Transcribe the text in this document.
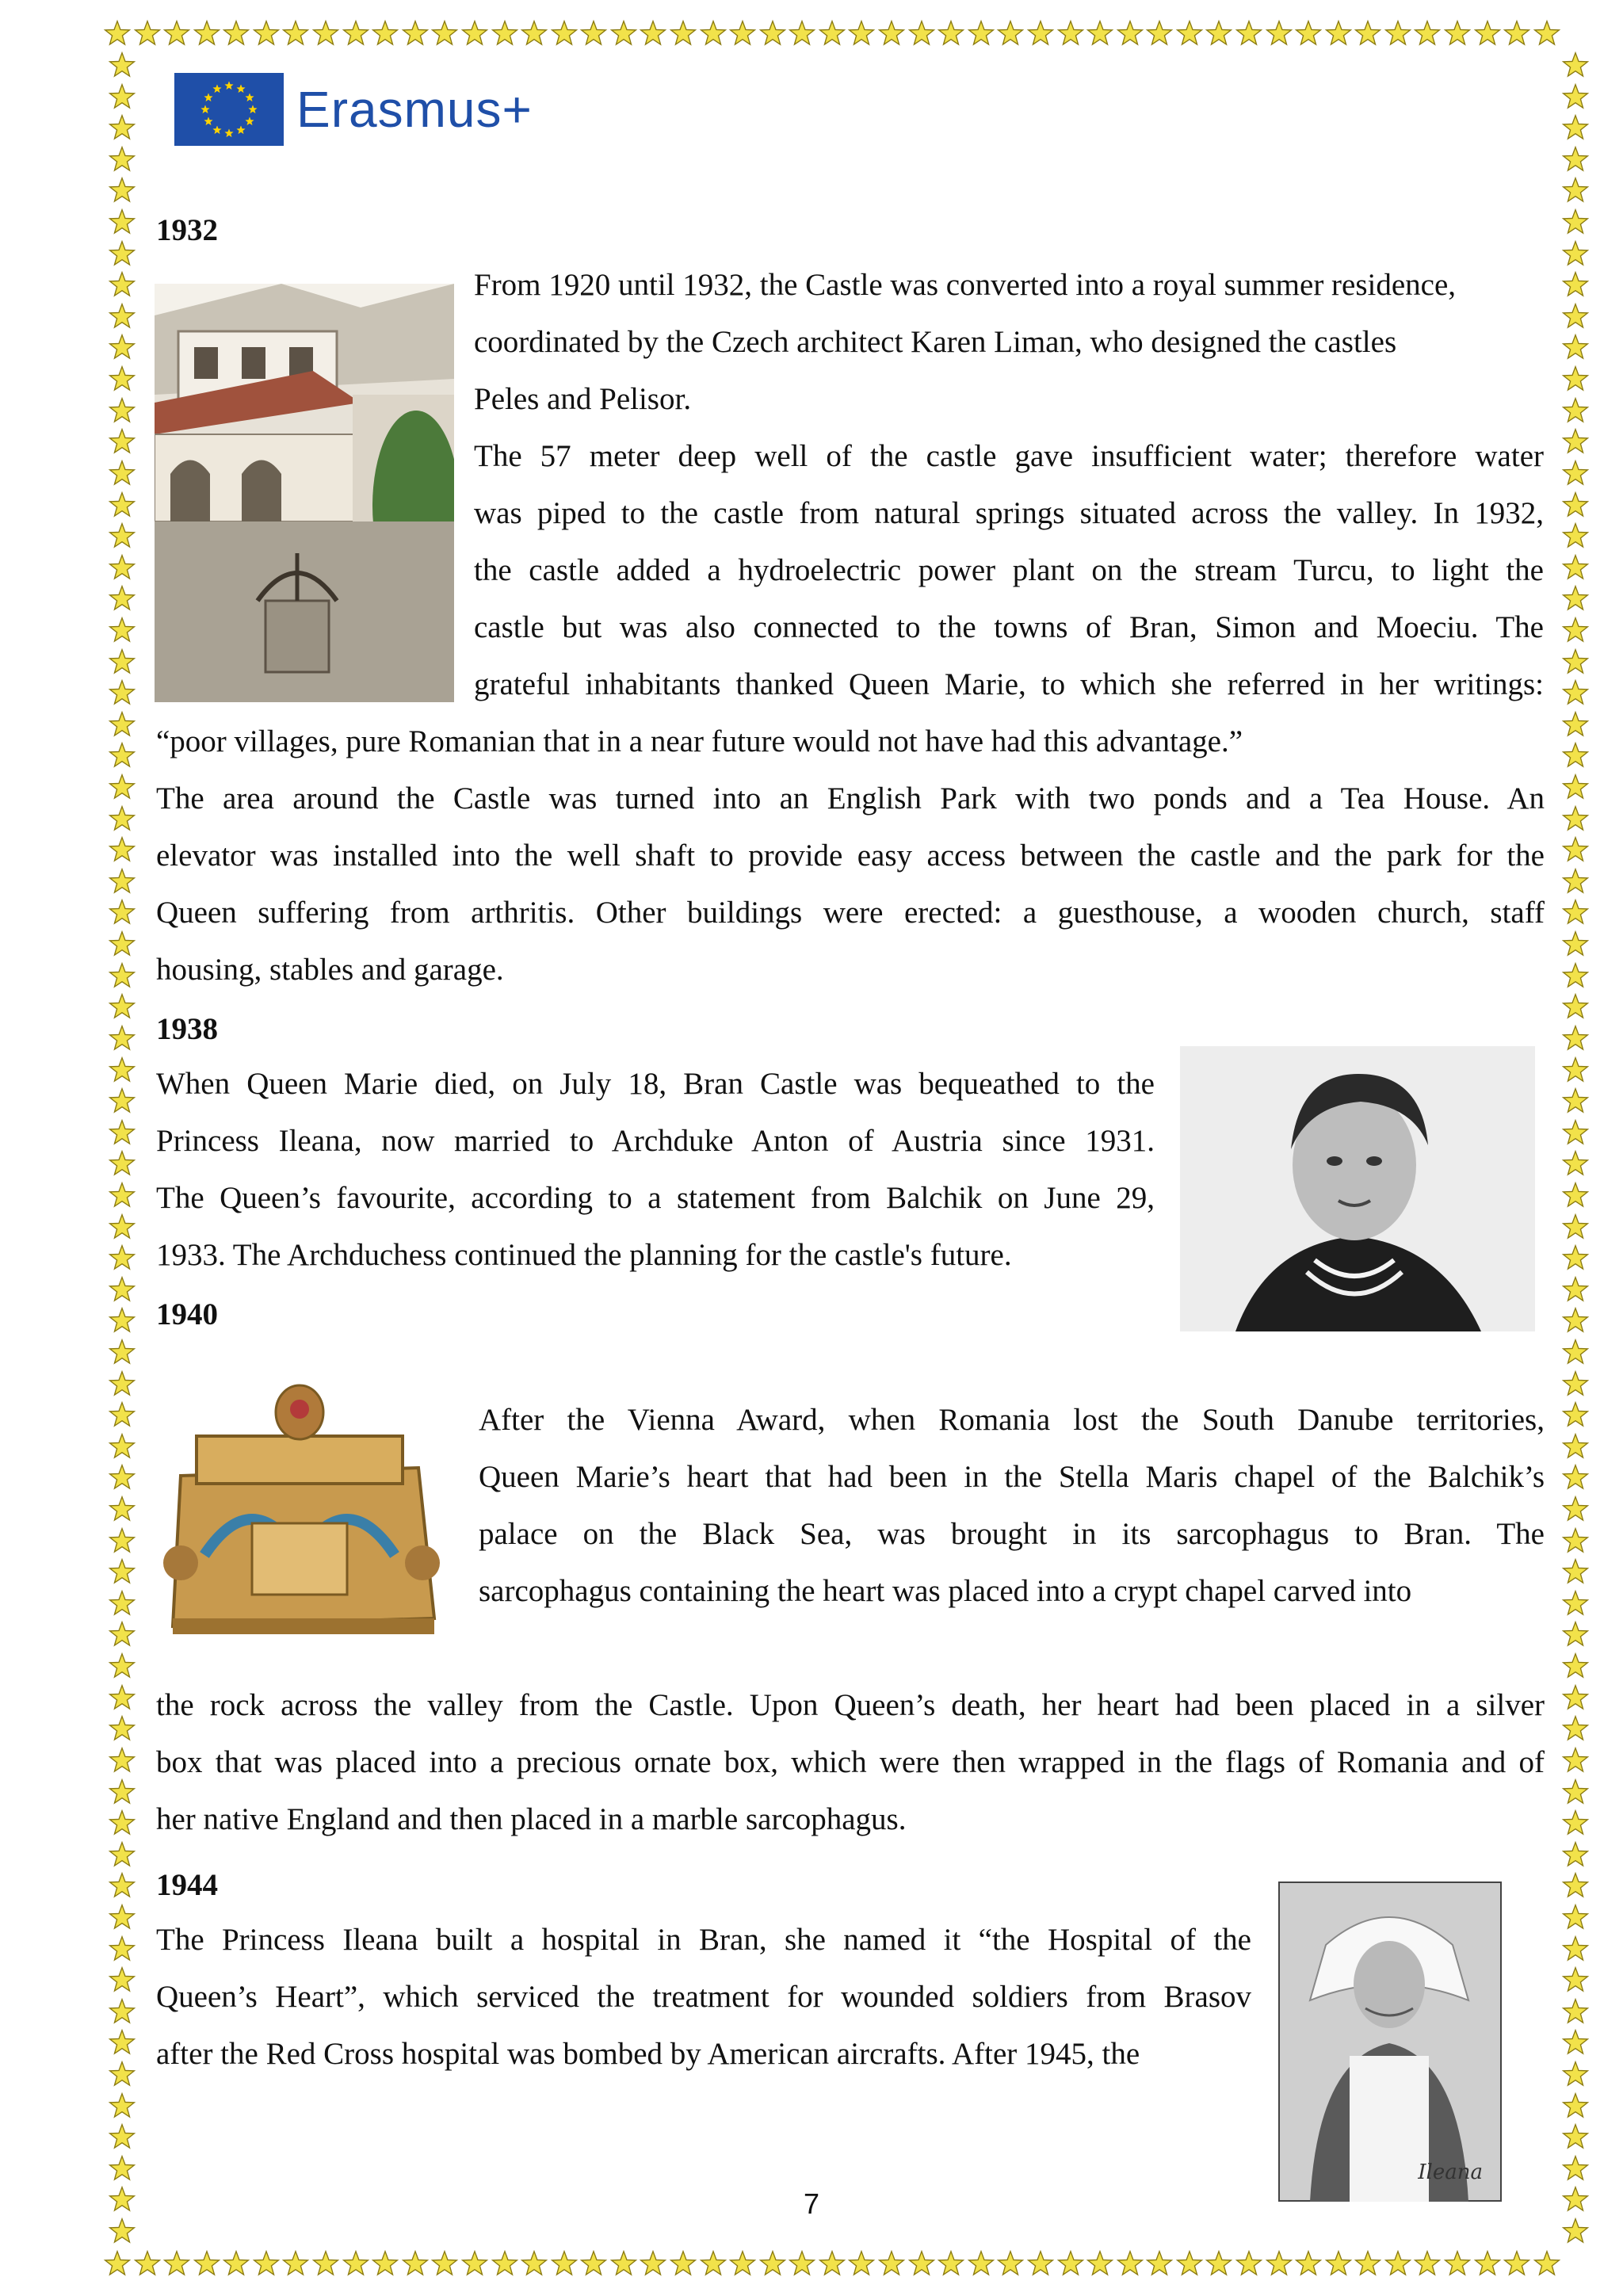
Erasmus+
1932
From 1920 until 1932, the Castle was converted into a royal summer residence,
coordinated by the Czech architect Karen Liman, who designed the castles
Peles and Pelisor.
The 57 meter deep well of the castle gave insufficient water; therefore water
was piped to the castle from natural springs situated across the valley. In 1932,
the castle added a hydroelectric power plant on the stream Turcu, to light the
castle but was also connected to the towns of Bran, Simon and Moeciu. The
grateful inhabitants thanked Queen Marie, to which she referred in her writings:
“poor villages, pure Romanian that in a near future would not have had this advantage.”
The area around the Castle was turned into an English Park with two ponds and a Tea House. An
elevator was installed into the well shaft to provide easy access between the castle and the park for the
Queen suffering from arthritis. Other buildings were erected: a guesthouse, a wooden church, staff
housing, stables and garage.
1938
When Queen Marie died, on July 18, Bran Castle was bequeathed to the
Princess Ileana, now married to Archduke Anton of Austria since 1931.
The Queen’s favourite, according to a statement from Balchik on June 29,
1933. The Archduchess continued the planning for the castle's future.
1940
After the Vienna Award, when Romania lost the South Danube territories,
Queen Marie’s heart that had been in the Stella Maris chapel of the Balchik’s
palace on the Black Sea, was brought in its sarcophagus to Bran. The
sarcophagus containing the heart was placed into a crypt chapel carved into
the rock across the valley from the Castle. Upon Queen’s death, her heart had been placed in a silver
box that was placed into a precious ornate box, which were then wrapped in the flags of Romania and of
her native England and then placed in a marble sarcophagus.
1944
The Princess Ileana built a hospital in Bran, she named it “the Hospital of the
Queen’s Heart”, which serviced the treatment for wounded soldiers from Brasov
after the Red Cross hospital was bombed by American aircrafts. After 1945, the
Ileana
7
